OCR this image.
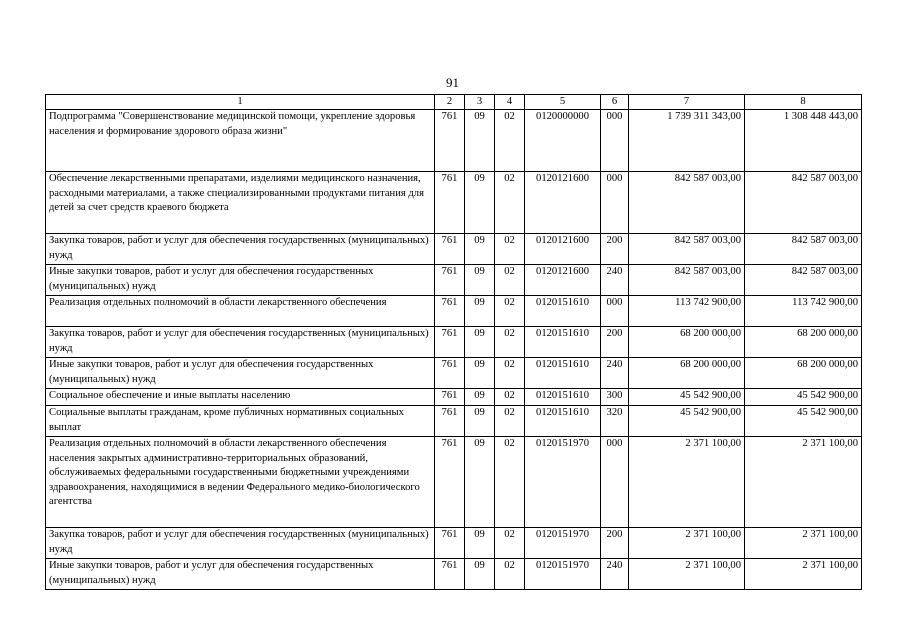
91
1	2	3	4	5	6	7	8
Подпрограмма "Совершенствование медицинской помощи, укрепление здоровья населения и формирование здорового образа жизни"	761	09	02	0120000000	000	1 739 311 343,00	1 308 448 443,00
Обеспечение лекарственными препаратами, изделиями медицинского назначения, расходными материалами, а также специализированными продуктами питания для детей за счет средств краевого бюджета	761	09	02	0120121600	000	842 587 003,00	842 587 003,00
Закупка товаров, работ и услуг для обеспечения государственных (муниципальных) нужд	761	09	02	0120121600	200	842 587 003,00	842 587 003,00
Иные закупки товаров, работ и услуг для обеспечения государственных (муниципальных) нужд	761	09	02	0120121600	240	842 587 003,00	842 587 003,00
Реализация отдельных полномочий в области лекарственного обеспечения	761	09	02	0120151610	000	113 742 900,00	113 742 900,00
Закупка товаров, работ и услуг для обеспечения государственных (муниципальных) нужд	761	09	02	0120151610	200	68 200 000,00	68 200 000,00
Иные закупки товаров, работ и услуг для обеспечения государственных (муниципальных) нужд	761	09	02	0120151610	240	68 200 000,00	68 200 000,00
Социальное обеспечение и иные выплаты населению	761	09	02	0120151610	300	45 542 900,00	45 542 900,00
Социальные выплаты гражданам, кроме публичных нормативных социальных выплат	761	09	02	0120151610	320	45 542 900,00	45 542 900,00
Реализация отдельных полномочий в области лекарственного обеспечения населения закрытых административно-территориальных образований, обслуживаемых федеральными государственными бюджетными учреждениями здравоохранения, находящимися в ведении Федерального медико-биологического агентства	761	09	02	0120151970	000	2 371 100,00	2 371 100,00
Закупка товаров, работ и услуг для обеспечения государственных (муниципальных) нужд	761	09	02	0120151970	200	2 371 100,00	2 371 100,00
Иные закупки товаров, работ и услуг для обеспечения государственных (муниципальных) нужд	761	09	02	0120151970	240	2 371 100,00	2 371 100,00
